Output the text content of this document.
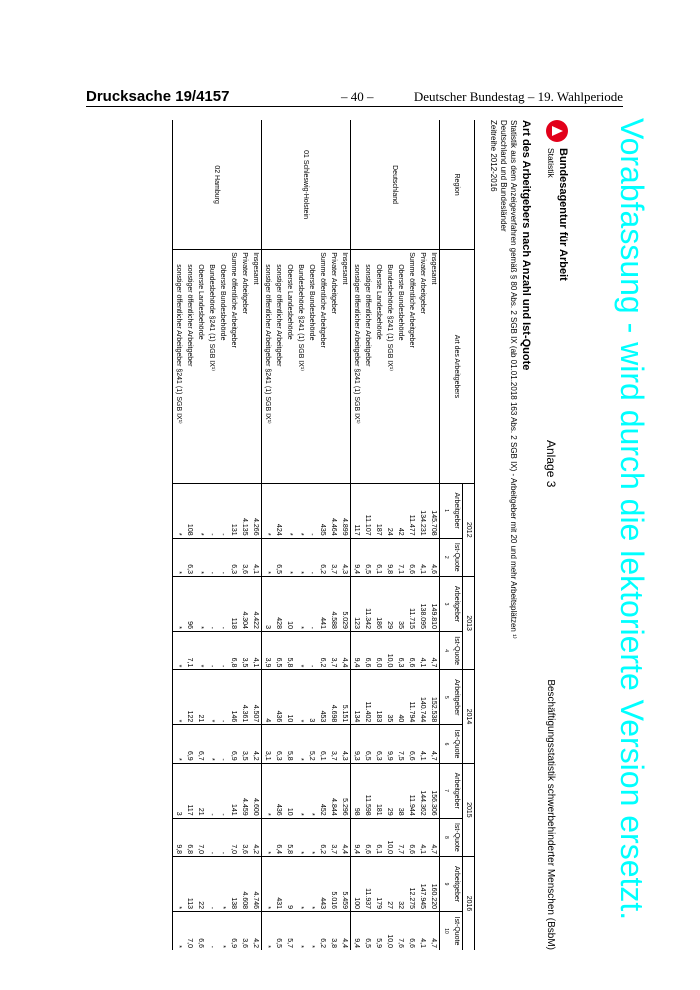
Drucksache 19/4157	– 40 –	Deutscher Bundestag – 19. Wahlperiode
Vorabfassung - wird durch die lektorierte Version ersetzt.
Bundesagentur für Arbeit
Statistik
Anlage 3
Beschäftigungsstatistik schwerbehinderter Menschen (BsbM)
Art des Arbeitgebers nach Anzahl und Ist-Quote
Statistik aus dem Anzeigeverfahren gemäß § 80 Abs. 2 SGB IX (ab 01.01.2018 163 Abs. 2 SGB IX) - Arbeitgeber mit 20 und mehr Arbeitsplätzen ¹⁾
Deutschland und Bundesländer
Zeitreihe 2012-2016
Region	Art des Arbeitgebers	2012		2013		2014		2015		2016	
		Arbeitgeber	Ist-Quote	Arbeitgeber	Ist-Quote	Arbeitgeber	Ist-Quote	Arbeitgeber	Ist-Quote	Arbeitgeber	Ist-Quote
		1	2	3	4	5	6	7	8	9	10
Deutschland	Insgesamt	145.708	4,6	149.810	4,7	152.538	4,7	156.306	4,7	160.220	4,7
	Privater Arbeitgeber	134.231	4,1	138.095	4,1	140.744	4,1	144.362	4,1	147.945	4,1
	Summe öffentliche Arbeitgeber	11.477	6,6	11.715	6,6	11.794	6,6	11.944	6,6	12.275	6,6
	Oberste Bundesbehörde	42	7,1	35	6,3	40	7,5	38	7,7	32	7,6
	Bundesbehörde §241 (1) SGB IX¹⁾	24	9,8	29	10,0	35	9,9	29	10,0	27	10,0
	Oberste Landesbehörde	187	6,1	186	6,0	183	6,3	181	6,1	179	5,9
	sonstiger öffentlicher Arbeitgeber	11.107	6,5	11.342	6,6	11.402	6,5	11.598	6,6	11.937	6,5
	sonstiger öffentlicher Arbeitgeber §241 (1) SGB IX¹⁾	117	9,4	123	9,4	134	9,3	98	9,4	100	9,4
01 Schleswig-Holstein	Insgesamt	4.899	4,3	5.029	4,4	5.151	4,3	5.296	4,4	5.459	4,4
	Privater Arbeitgeber	4.464	3,7	4.588	3,7	4.698	3,7	4.844	3,7	5.016	3,8
	Summe öffentliche Arbeitgeber	435	6,2	441	6,2	453	6,1	452	6,2	443	6,2
	Oberste Bundesbehörde	-	-	-	-	3	5,2	*	*	*	*
	Bundesbehörde §241 (1) SGB IX¹⁾	*	*	*	*	*	*	*	*	*	*
	Oberste Landesbehörde	*	*	10	5,8	10	5,8	10	5,8	9	5,7
	sonstiger öffentlicher Arbeitgeber	424	6,5	428	6,5	436	6,3	436	6,4	431	6,5
	sonstiger öffentlicher Arbeitgeber §241 (1) SGB IX¹⁾	*	*	3	3,9	4	3,1	*	*	*	*
02 Hamburg	Insgesamt	4.266	4,1	4.422	4,1	4.507	4,2	4.600	4,2	4.746	4,2
	Privater Arbeitgeber	4.135	3,6	4.304	3,5	4.361	3,5	4.459	3,6	4.608	3,6
	Summe öffentliche Arbeitgeber	131	6,3	118	6,8	146	6,9	141	7,0	138	6,9
	Oberste Bundesbehörde	-	-	-	-	-	-	-	-	*	*
	Bundesbehörde §241 (1) SGB IX¹⁾	-	-	-	-	*	*	-	-	-	-
	Oberste Landesbehörde	*	*	*	*	21	6,7	21	7,0	22	6,6
	sonstiger öffentlicher Arbeitgeber	108	6,3	96	7,1	122	6,9	117	6,8	113	7,0
	sonstiger öffentlicher Arbeitgeber §241 (1) SGB IX¹⁾	*	*	*	*	*	*	3	9,8	*	*
